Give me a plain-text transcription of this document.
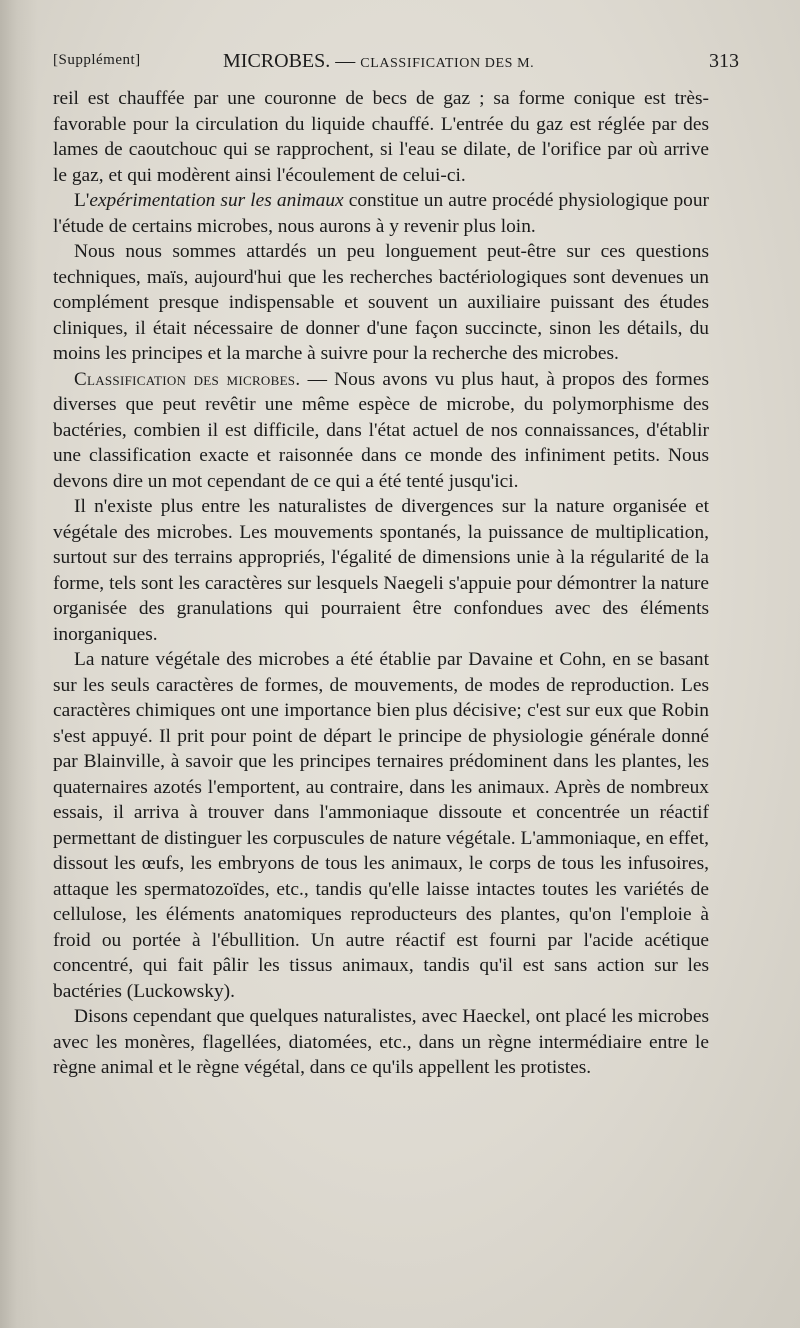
[Supplément]	MICROBES. — CLASSIFICATION DES M.	313

reil est chauffée par une couronne de becs de gaz ; sa forme conique est très-favorable pour la circulation du liquide chauffé. L'entrée du gaz est réglée par des lames de caoutchouc qui se rapprochent, si l'eau se dilate, de l'orifice par où arrive le gaz, et qui modèrent ainsi l'écoulement de celui-ci.

L'expérimentation sur les animaux constitue un autre procédé physiologique pour l'étude de certains microbes, nous aurons à y revenir plus loin.

Nous nous sommes attardés un peu longuement peut-être sur ces questions techniques, maïs, aujourd'hui que les recherches bactériologiques sont devenues un complément presque indispensable et souvent un auxiliaire puissant des études cliniques, il était nécessaire de donner d'une façon succincte, sinon les détails, du moins les principes et la marche à suivre pour la recherche des microbes.

Classification des microbes. — Nous avons vu plus haut, à propos des formes diverses que peut revêtir une même espèce de microbe, du polymorphisme des bactéries, combien il est difficile, dans l'état actuel de nos connaissances, d'établir une classification exacte et raisonnée dans ce monde des infiniment petits. Nous devons dire un mot cependant de ce qui a été tenté jusqu'ici.

Il n'existe plus entre les naturalistes de divergences sur la nature organisée et végétale des microbes. Les mouvements spontanés, la puissance de multiplication, surtout sur des terrains appropriés, l'égalité de dimensions unie à la régularité de la forme, tels sont les caractères sur lesquels Naegeli s'appuie pour démontrer la nature organisée des granulations qui pourraient être confondues avec des éléments inorganiques.

La nature végétale des microbes a été établie par Davaine et Cohn, en se basant sur les seuls caractères de formes, de mouvements, de modes de reproduction. Les caractères chimiques ont une importance bien plus décisive; c'est sur eux que Robin s'est appuyé. Il prit pour point de départ le principe de physiologie générale donné par Blainville, à savoir que les principes ternaires prédominent dans les plantes, les quaternaires azotés l'emportent, au contraire, dans les animaux. Après de nombreux essais, il arriva à trouver dans l'ammoniaque dissoute et concentrée un réactif permettant de distinguer les corpuscules de nature végétale. L'ammoniaque, en effet, dissout les œufs, les embryons de tous les animaux, le corps de tous les infusoires, attaque les spermatozoïdes, etc., tandis qu'elle laisse intactes toutes les variétés de cellulose, les éléments anatomiques reproducteurs des plantes, qu'on l'emploie à froid ou portée à l'ébullition. Un autre réactif est fourni par l'acide acétique concentré, qui fait pâlir les tissus animaux, tandis qu'il est sans action sur les bactéries (Luckowsky).

Disons cependant que quelques naturalistes, avec Haeckel, ont placé les microbes avec les monères, flagellées, diatomées, etc., dans un règne intermédiaire entre le règne animal et le règne végétal, dans ce qu'ils appellent les protistes.
